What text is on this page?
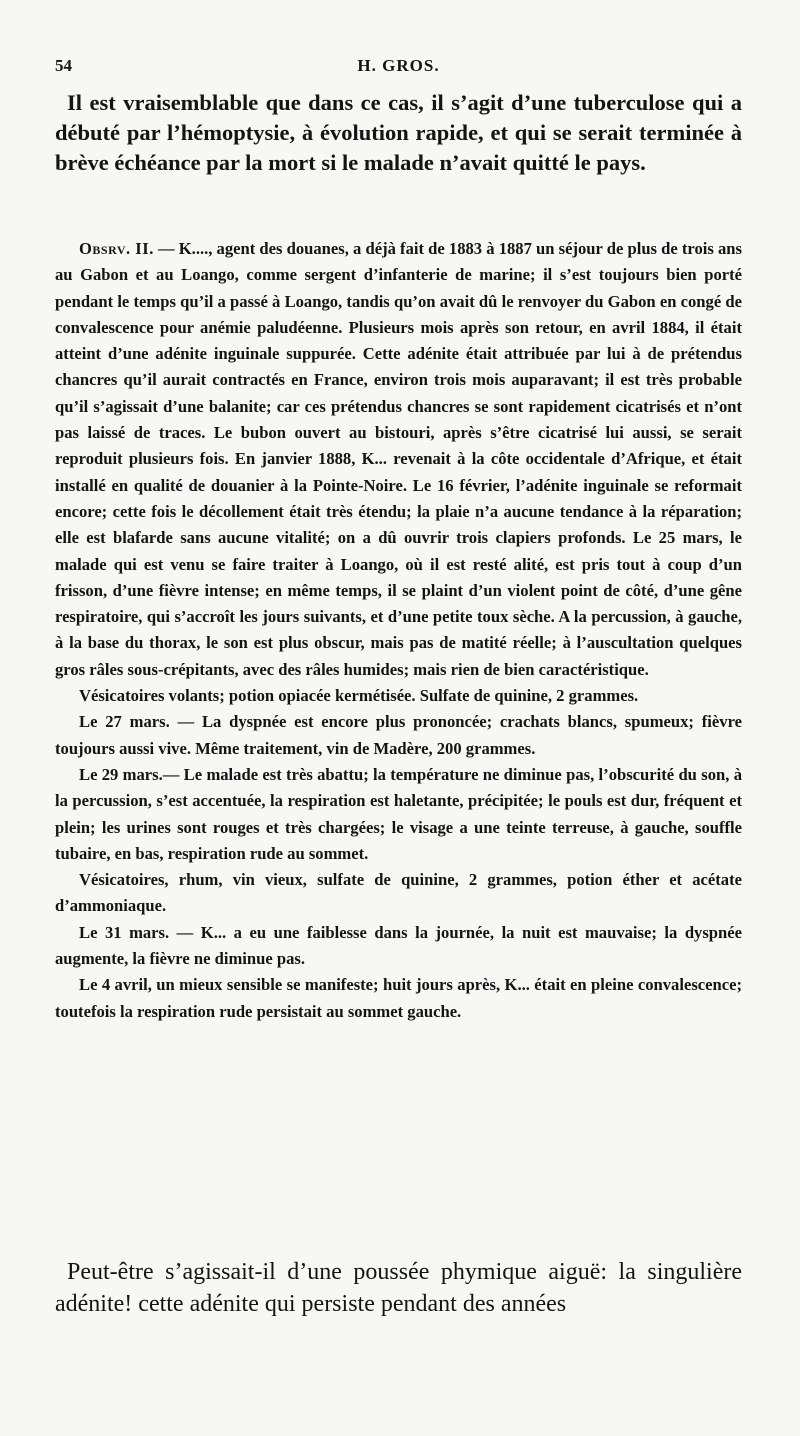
54	H. GROS.

Il est vraisemblable que dans ce cas, il s’agit d’une tuberculose qui a débuté par l’hémoptysie, à évolution rapide, et qui se serait terminée à brève échéance par la mort si le malade n’avait quitté le pays.

Obsrv. II. — K...., agent des douanes, a déjà fait de 1883 à 1887 un séjour de plus de trois ans au Gabon et au Loango, comme sergent d’infanterie de marine; il s’est toujours bien porté pendant le temps qu’il a passé à Loango, tandis qu’on avait dû le renvoyer du Gabon en congé de convalescence pour anémie paludéenne. Plusieurs mois après son retour, en avril 1884, il était atteint d’une adénite inguinale suppurée. Cette adénite était attribuée par lui à de prétendus chancres qu’il aurait contractés en France, environ trois mois auparavant; il est très probable qu’il s’agissait d’une balanite; car ces prétendus chancres se sont rapidement cicatrisés et n’ont pas laissé de traces. Le bubon ouvert au bistouri, après s’être cicatrisé lui aussi, se serait reproduit plusieurs fois. En janvier 1888, K... revenait à la côte occidentale d’Afrique, et était installé en qualité de douanier à la Pointe-Noire. Le 16 février, l’adénite inguinale se reformait encore; cette fois le décollement était très étendu; la plaie n’a aucune tendance à la réparation; elle est blafarde sans aucune vitalité; on a dû ouvrir trois clapiers profonds. Le 25 mars, le malade qui est venu se faire traiter à Loango, où il est resté alité, est pris tout à coup d’un frisson, d’une fièvre intense; en même temps, il se plaint d’un violent point de côté, d’une gêne respiratoire, qui s’accroît les jours suivants, et d’une petite toux sèche. A la percussion, à gauche, à la base du thorax, le son est plus obscur, mais pas de matité réelle; à l’auscultation quelques gros râles sous-crépitants, avec des râles humides; mais rien de bien caractéristique.

Vésicatoires volants; potion opiacée kermétisée. Sulfate de quinine, 2 grammes.

Le 27 mars. — La dyspnée est encore plus prononcée; crachats blancs, spumeux; fièvre toujours aussi vive. Même traitement, vin de Madère, 200 grammes.

Le 29 mars.— Le malade est très abattu; la température ne diminue pas, l’obscurité du son, à la percussion, s’est accentuée, la respiration est haletante, précipitée; le pouls est dur, fréquent et plein; les urines sont rouges et très chargées; le visage a une teinte terreuse, à gauche, souffle tubaire, en bas, respiration rude au sommet.

Vésicatoires, rhum, vin vieux, sulfate de quinine, 2 grammes, potion éther et acétate d’ammoniaque.

Le 31 mars. — K... a eu une faiblesse dans la journée, la nuit est mauvaise; la dyspnée augmente, la fièvre ne diminue pas.

Le 4 avril, un mieux sensible se manifeste; huit jours après, K... était en pleine convalescence; toutefois la respiration rude persistait au sommet gauche.

Peut-être s’agissait-il d’une poussée phymique aiguë: la singulière adénite! cette adénite qui persiste pendant des années
